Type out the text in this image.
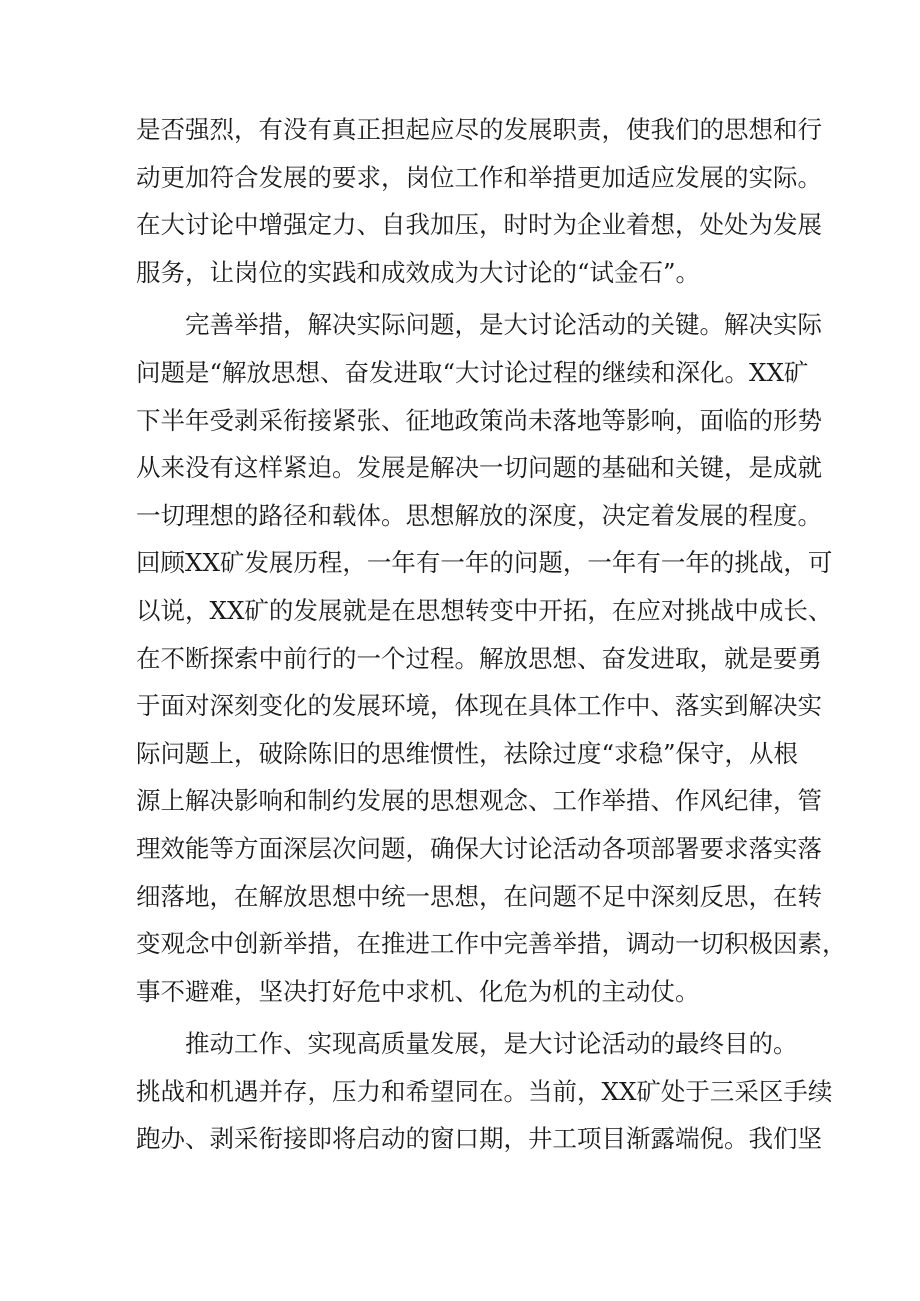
是否强烈，有没有真正担起应尽的发展职责，使我们的思想和行
动更加符合发展的要求，岗位工作和举措更加适应发展的实际。
在大讨论中增强定力、自我加压，时时为企业着想，处处为发展
服务，让岗位的实践和成效成为大讨论的“试金石”。
完善举措，解决实际问题，是大讨论活动的关键。解决实际
问题是“解放思想、奋发进取“大讨论过程的继续和深化。XX矿
下半年受剥采衔接紧张、征地政策尚未落地等影响，面临的形势
从来没有这样紧迫。发展是解决一切问题的基础和关键，是成就
一切理想的路径和载体。思想解放的深度，决定着发展的程度。
回顾XX矿发展历程，一年有一年的问题，一年有一年的挑战，可
以说，XX矿的发展就是在思想转变中开拓，在应对挑战中成长、
在不断探索中前行的一个过程。解放思想、奋发进取，就是要勇
于面对深刻变化的发展环境，体现在具体工作中、落实到解决实
际问题上，破除陈旧的思维惯性，祛除过度“求稳”保守，从根
源上解决影响和制约发展的思想观念、工作举措、作风纪律，管
理效能等方面深层次问题，确保大讨论活动各项部署要求落实落
细落地，在解放思想中统一思想，在问题不足中深刻反思，在转
变观念中创新举措，在推进工作中完善举措，调动一切积极因素，
事不避难，坚决打好危中求机、化危为机的主动仗。
推动工作、实现高质量发展，是大讨论活动的最终目的。
挑战和机遇并存，压力和希望同在。当前，XX矿处于三采区手续
跑办、剥采衔接即将启动的窗口期，井工项目渐露端倪。我们坚
